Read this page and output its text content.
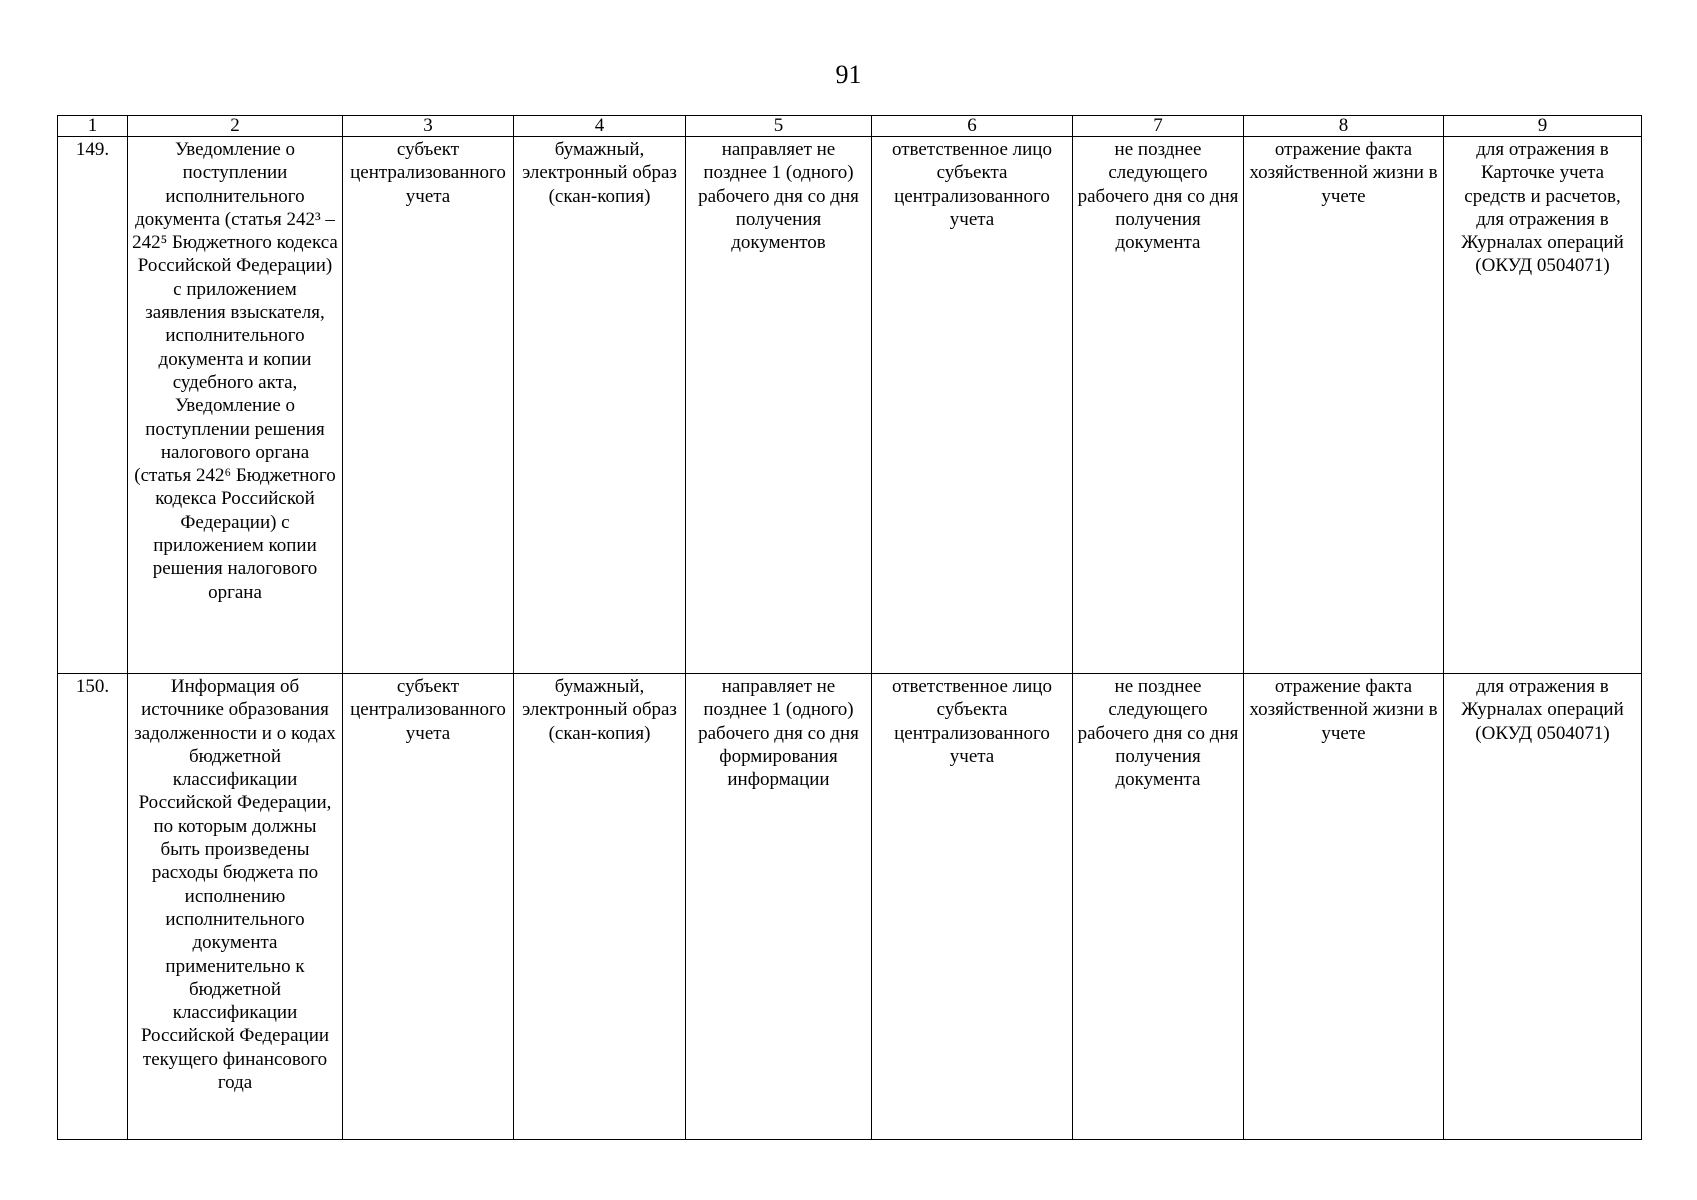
91
1	2	3	4	5	6	7	8	9
149.	Уведомление о поступлении исполнительного документа (статья 242³ – 242⁵ Бюджетного кодекса Российской Федерации) с приложением заявления взыскателя, исполнительного документа и копии судебного акта, Уведомление о поступлении решения налогового органа (статья 242⁶ Бюджетного кодекса Российской Федерации) с приложением копии решения налогового органа	субъект централизованного учета	бумажный, электронный образ (скан-копия)	направляет не позднее 1 (одного) рабочего дня со дня получения документов	ответственное лицо субъекта централизованного учета	не позднее следующего рабочего дня со дня получения документа	отражение факта хозяйственной жизни в учете	для отражения в Карточке учета средств и расчетов, для отражения в Журналах операций (ОКУД 0504071)
150.	Информация об источнике образования задолженности и о кодах бюджетной классификации Российской Федерации, по которым должны быть произведены расходы бюджета по исполнению исполнительного документа применительно к бюджетной классификации Российской Федерации текущего финансового года	субъект централизованного учета	бумажный, электронный образ (скан-копия)	направляет не позднее 1 (одного) рабочего дня со дня формирования информации	ответственное лицо субъекта централизованного учета	не позднее следующего рабочего дня со дня получения документа	отражение факта хозяйственной жизни в учете	для отражения в Журналах операций (ОКУД 0504071)
